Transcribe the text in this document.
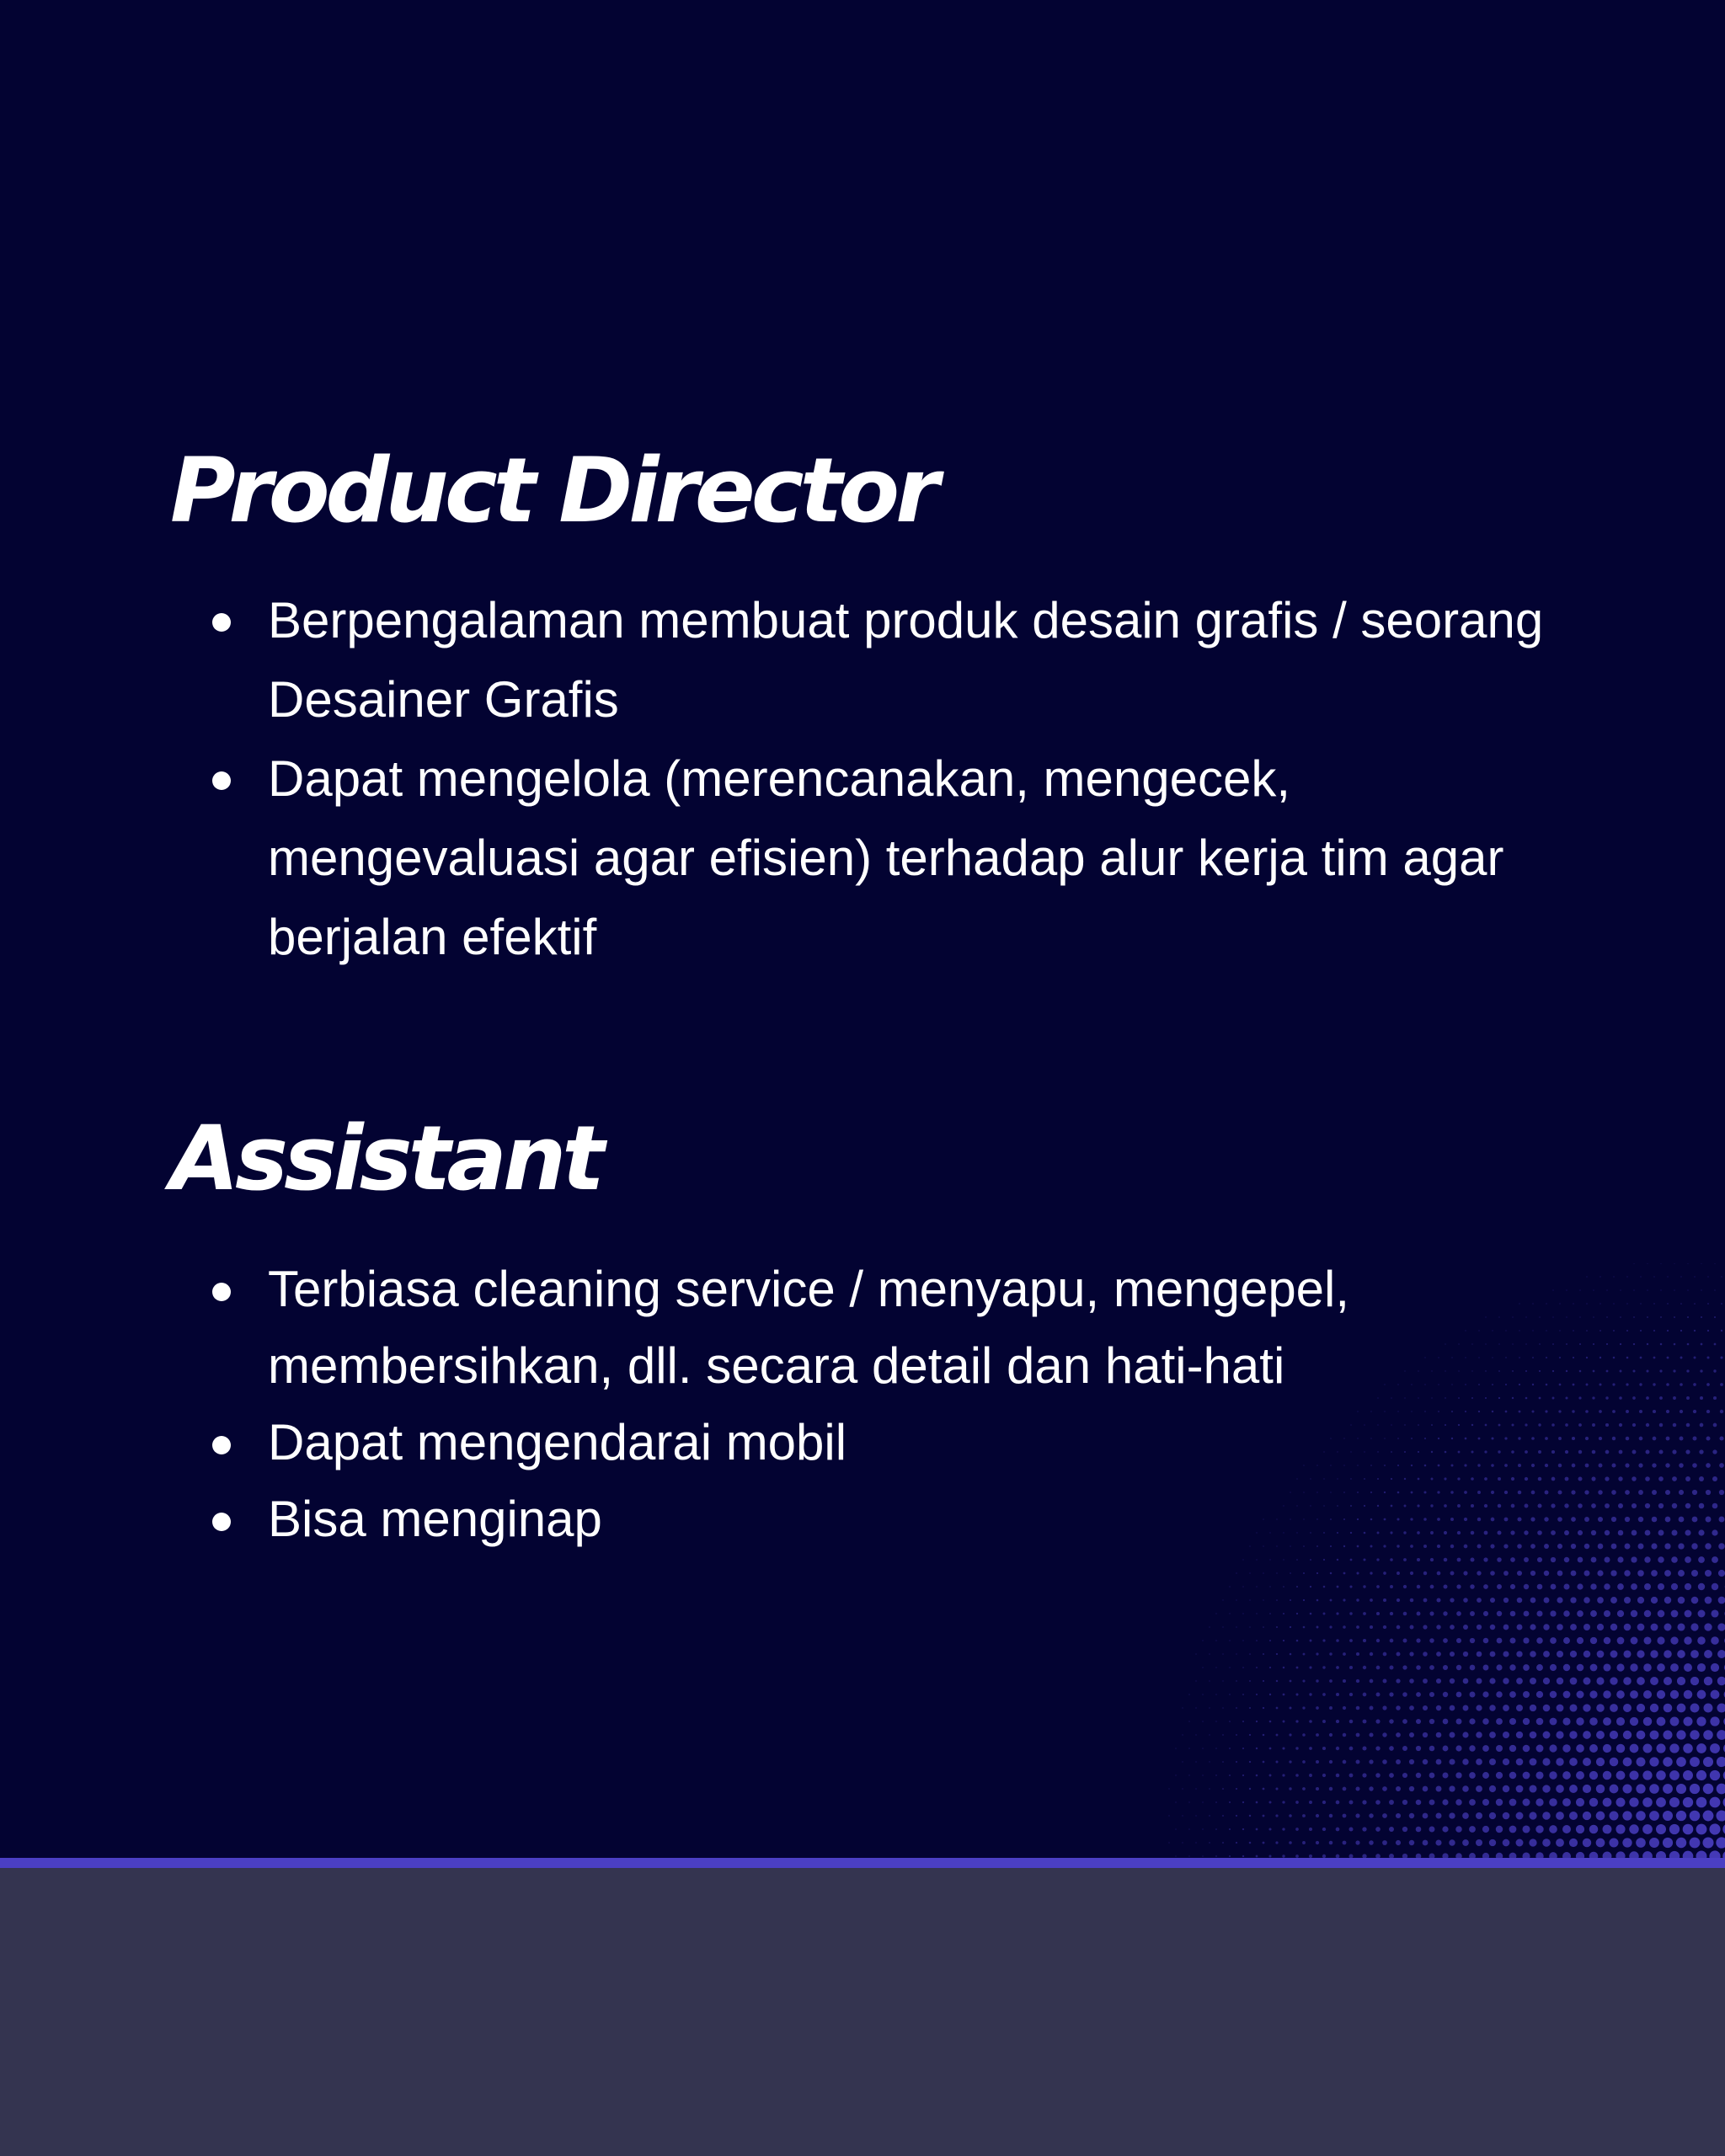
Product Director
Berpengalaman membuat produk desain grafis / seorang Desainer Grafis
Dapat mengelola (merencanakan, mengecek, mengevaluasi agar efisien) terhadap alur kerja tim agar berjalan efektif
Assistant
Terbiasa cleaning service / menyapu, mengepel, membersihkan, dll. secara detail dan hati-hati
Dapat mengendarai mobil
Bisa menginap
